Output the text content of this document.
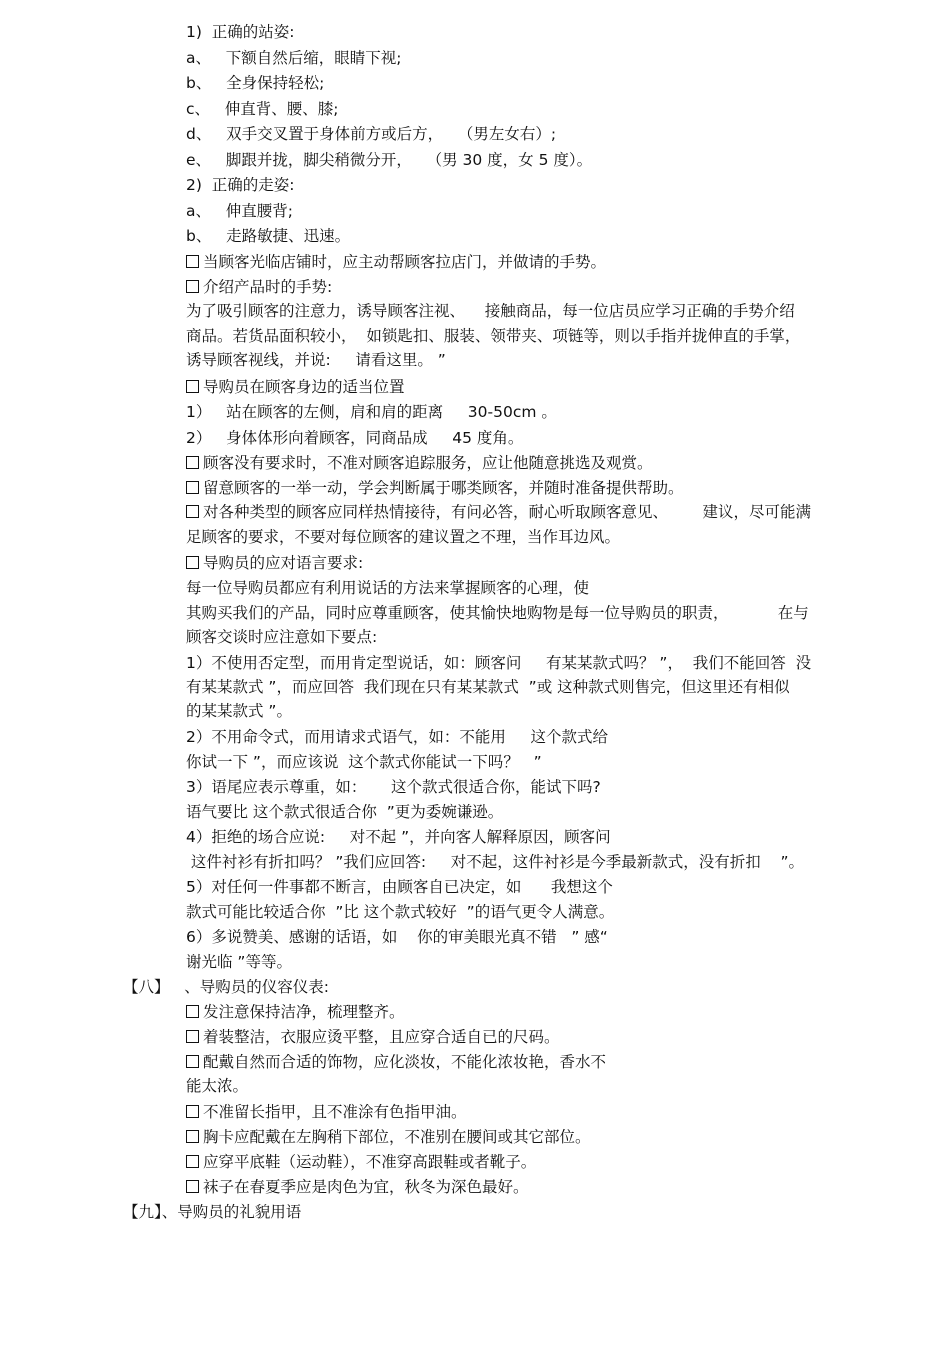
1)  正确的站姿:
a、   下额自然后缩，眼睛下视;
b、   全身保持轻松;
c、   伸直背、腰、膝;
d、   双手交叉置于身体前方或后方，   （男左女右）;
e、   脚跟并拢，脚尖稍微分开，   （男 30 度，女 5 度）。
2)  正确的走姿:
a、   伸直腰背;
b、   走路敏捷、迅速。
当顾客光临店铺时，应主动帮顾客拉店门，并做请的手势。
介绍产品时的手势:
为了吸引顾客的注意力，诱导顾客注视、    接触商品，每一位店员应学习正确的手势介绍
商品。若货品面积较小，  如锁匙扣、服装、领带夹、项链等，则以手指并拢伸直的手掌，
诱导顾客视线，并说:     请看这里。 ”
导购员在顾客身边的适当位置
1）   站在顾客的左侧，肩和肩的距离     30-50cm 。
2）   身体体形向着顾客，同商品成     45 度角。
顾客没有要求时，不准对顾客追踪服务，应让他随意挑选及观赏。
留意顾客的一举一动，学会判断属于哪类顾客，并随时准备提供帮助。
对各种类型的顾客应同样热情接待，有问必答，耐心听取顾客意见、       建议，尽可能满
足顾客的要求，不要对每位顾客的建议置之不理，当作耳边风。
导购员的应对语言要求:
每一位导购员都应有利用说话的方法来掌握顾客的心理，使
其购买我们的产品，同时应尊重顾客，使其愉快地购物是每一位导购员的职责，          在与
顾客交谈时应注意如下要点:
1）不使用否定型，而用肯定型说话，如：顾客问     有某某款式吗？ ”，  我们不能回答  没
有某某款式 ”，而应回答  我们现在只有某某款式  ”或 这种款式则售完，但这里还有相似
的某某款式 ”。
2）不用命令式，而用请求式语气，如：不能用     这个款式给
你试一下 ”，而应该说  这个款式你能试一下吗？   ”
3）语尾应表示尊重，如：     这个款式很适合你，能试下吗?
语气要比 这个款式很适合你  ”更为委婉谦逊。
4）拒绝的场合应说:     对不起 ”，并向客人解释原因，顾客问
这件衬衫有折扣吗？ ”我们应回答:     对不起，这件衬衫是今季最新款式，没有折扣    ”。
5）对任何一件事都不断言，由顾客自已决定，如      我想这个
款式可能比较适合你  ”比 这个款式较好  ”的语气更令人满意。
6）多说赞美、感谢的话语，如    你的审美眼光真不错   ” 感“
谢光临 ”等等。
【八】   、导购员的仪容仪表:
发注意保持洁净，梳理整齐。
着装整洁，衣服应烫平整，且应穿合适自已的尺码。
配戴自然而合适的饰物，应化淡妆，不能化浓妆艳，香水不
能太浓。
不准留长指甲，且不准涂有色指甲油。
胸卡应配戴在左胸稍下部位，不准别在腰间或其它部位。
应穿平底鞋（运动鞋），不准穿高跟鞋或者靴子。
袜子在春夏季应是肉色为宜，秋冬为深色最好。
【九】、导购员的礼貌用语
